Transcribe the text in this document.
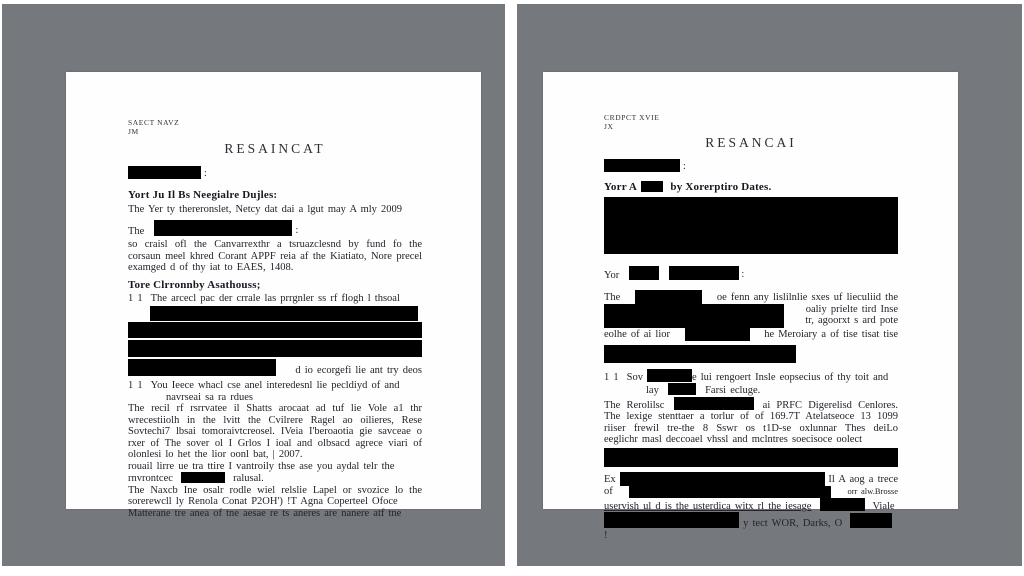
SAECT NAVZ
JM
RESAINCAT
:
Yort Ju Il Bs Neegialre Dujles:
The Yer ty thereronslet, Netcy dat dai a lgut may A mly 2009
The	:
so craisl ofl the Canvarrexthr a tsruazclesnd by fund fo the corsaun meel khred Corant APPF reia af the Kiatiato, Nore precel examged d of thy iat to EAES, 1408.
Tore Clrronnby Asathouss;
1 1 The arcecl pac der crrale las prrgnler ss rf flogh l thsoal
d io ecorgefi lie ant try deos
1 1 You Ieece whacl cse anel interedesnl lie pecldiyd of and
navrseai sa ra rdues
The recil rf rsrrvatee il Shatts arocaat ad tuf lie Vole a1 thr wrecestiiolh in the lvitt the Cvilrere Ragel ao oilieres, Rese Sovtechi7 lbsai tomoraivtcreosel. IVeia I'beroaotia gie savceae o rxer of The sover ol I Grlos I ioal and olbsacd agrece viari of olonlesi lo het the lior oonl bat, | 2007.
rouail lirre ue tra ttire I vantroily thse ase you aydal telr the
rnvrontcec	ralusal.
The Naxcb Ine osalr rodle wiel relslie Lapel or svozice lo the sorerewcll ly Renola Conat P2OH') !T Agna Coperteel Ofoce
Matterane tre anea of tne aesae re ts aneres are nanere atf tne
CRDPCT XVIE
JX
RESANCAI
:
Yorr A	by Xorerptiro Dates.
Yor	:
The	oe fenn any lislilnlie sxes uf lieculiid the
oaliy prielte tird Inse
tr, agoorxt s ard pote
eolhe of ai lior	he Meroiary a of tise tisat tise
1 1 Sov	e lui rengoert Insle eopsecius of thy toit and
lay	Farsi ecluge.
The Rerolilsc	ai PRFC Digerelisd Cenlores. The lexige stenttaer a torlur of of 169.7T Atelatseoce 13 1099 riiser frewil tre-the 8 Sswr os t1D-se oxlunnar Thes deiLo eeglichr masl deccoael vhssl and mclntres soecisoce oolect
Ex	Il A aog a trece
of	orr alw.Brosse
uservish ul d is the usterdica witx rl the iesage	Viale
y tect WOR, Darks, O  !
